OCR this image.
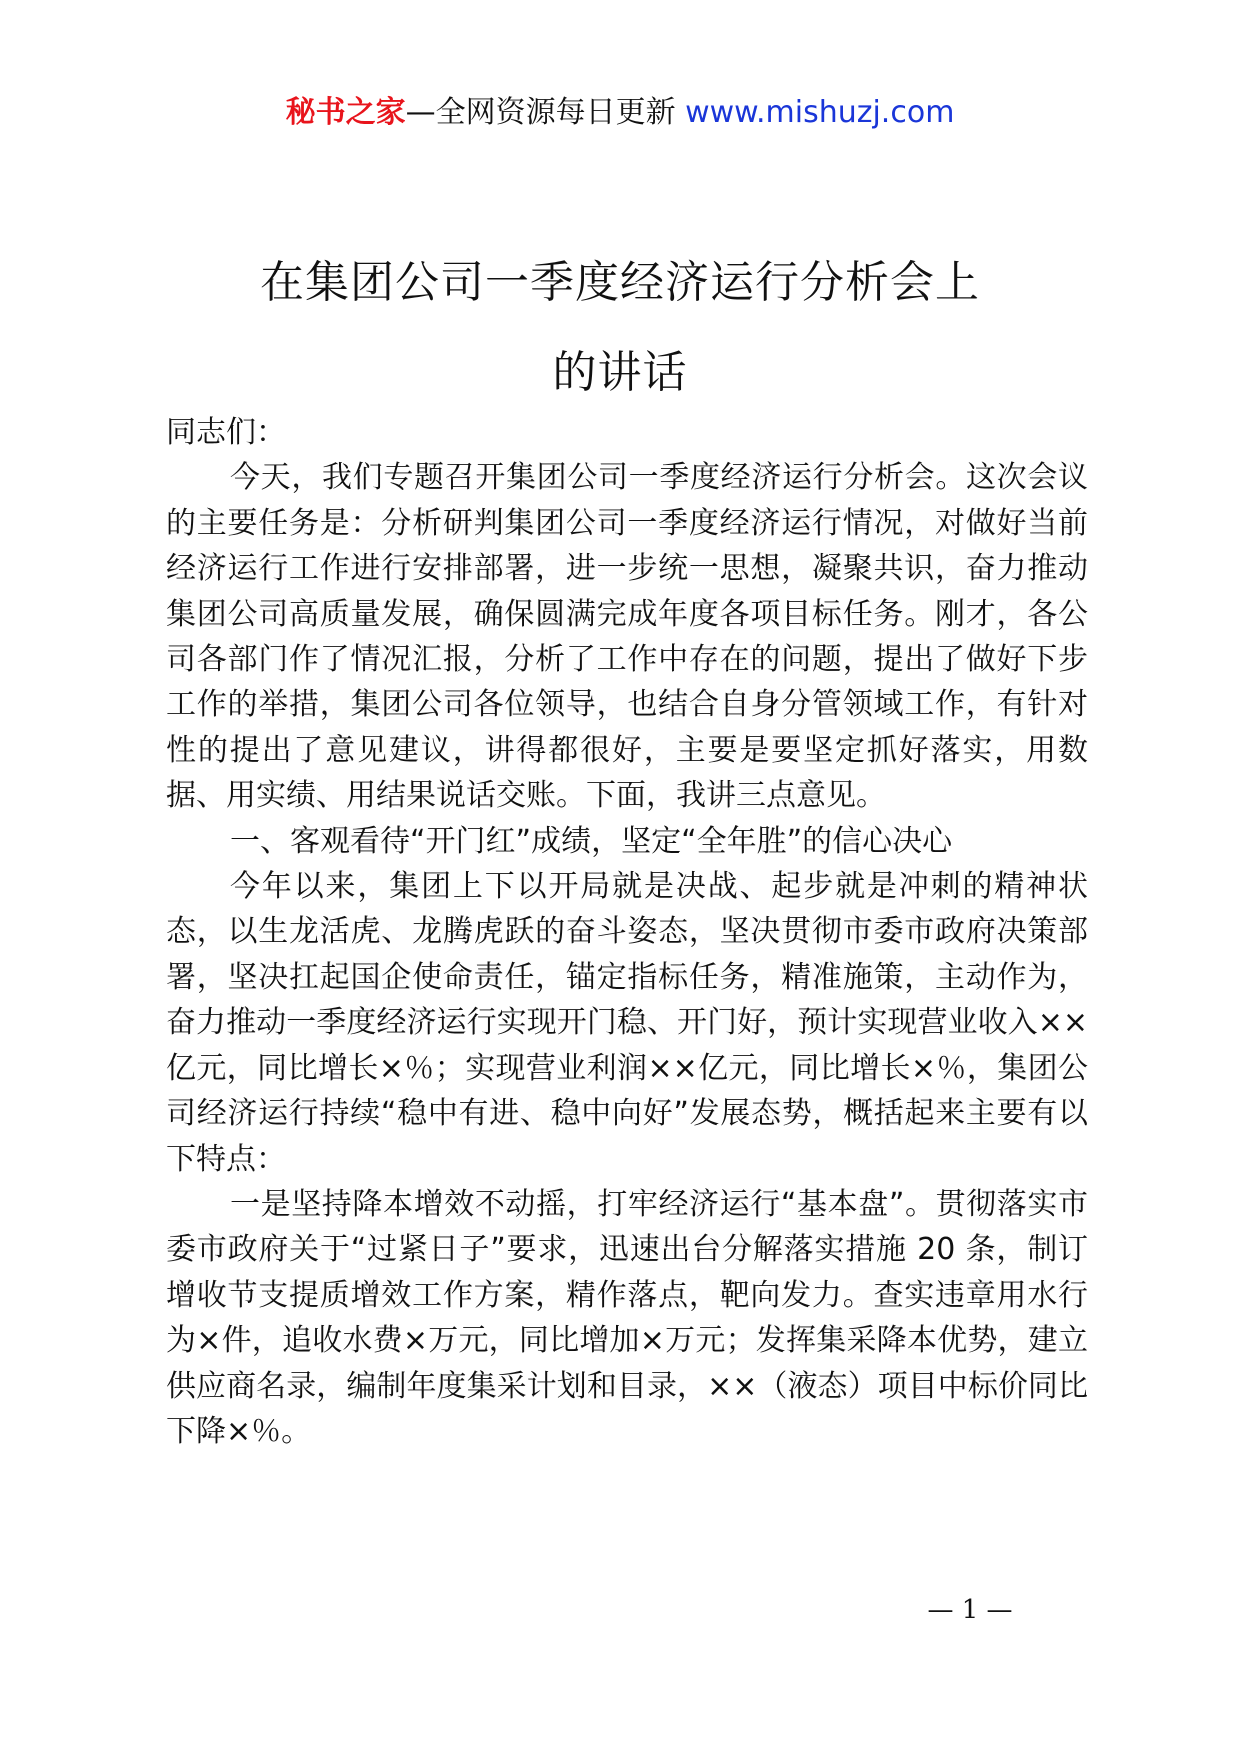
秘书之家—全网资源每日更新 www.mishuzj.com
在集团公司一季度经济运行分析会上
的讲话

同志们：

今天，我们专题召开集团公司一季度经济运行分析会。这次会议的主要任务是：分析研判集团公司一季度经济运行情况，对做好当前经济运行工作进行安排部署，进一步统一思想，凝聚共识，奋力推动集团公司高质量发展，确保圆满完成年度各项目标任务。刚才，各公司各部门作了情况汇报，分析了工作中存在的问题，提出了做好下步工作的举措，集团公司各位领导，也结合自身分管领域工作，有针对性的提出了意见建议，讲得都很好，主要是要坚定抓好落实，用数据、用实绩、用结果说话交账。下面，我讲三点意见。

一、客观看待“开门红”成绩，坚定“全年胜”的信心决心

今年以来，集团上下以开局就是决战、起步就是冲刺的精神状态，以生龙活虎、龙腾虎跃的奋斗姿态，坚决贯彻市委市政府决策部署，坚决扛起国企使命责任，锚定指标任务，精准施策，主动作为，奋力推动一季度经济运行实现开门稳、开门好，预计实现营业收入××亿元，同比增长×％；实现营业利润××亿元，同比增长×％，集团公司经济运行持续“稳中有进、稳中向好”发展态势，概括起来主要有以下特点：

一是坚持降本增效不动摇，打牢经济运行“基本盘”。贯彻落实市委市政府关于“过紧日子”要求，迅速出台分解落实措施 20 条，制订增收节支提质增效工作方案，精作落点，靶向发力。查实违章用水行为×件，追收水费×万元，同比增加×万元；发挥集采降本优势，建立供应商名录，编制年度集采计划和目录，××（液态）项目中标价同比下降×％。

— 1 —
